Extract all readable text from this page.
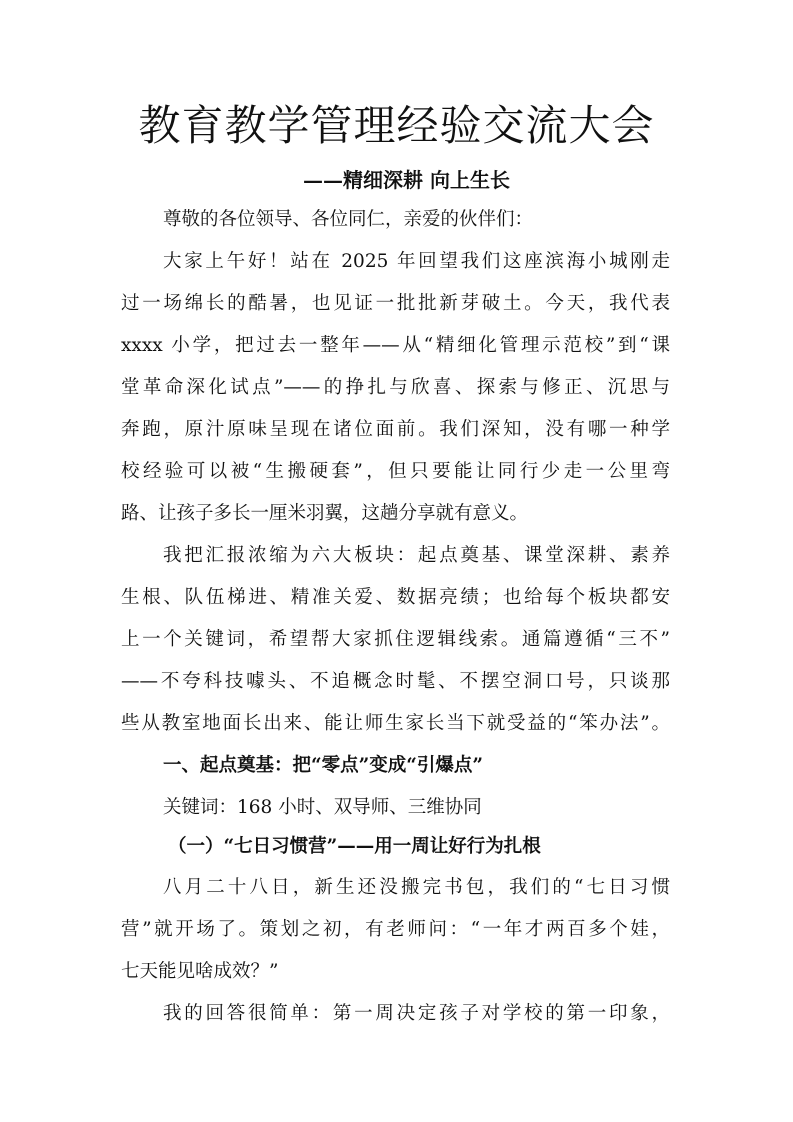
教育教学管理经验交流大会
——精细深耕 向上生长
尊敬的各位领导、各位同仁，亲爱的伙伴们：
大家上午好！站在 2025 年回望我们这座滨海小城刚走
过一场绵长的酷暑，也见证一批批新芽破土。今天，我代表
xxxx 小学，把过去一整年——从“精细化管理示范校”到“课
堂革命深化试点”——的挣扎与欣喜、探索与修正、沉思与
奔跑，原汁原味呈现在诸位面前。我们深知，没有哪一种学
校经验可以被“生搬硬套”，但只要能让同行少走一公里弯
路、让孩子多长一厘米羽翼，这趟分享就有意义。
我把汇报浓缩为六大板块：起点奠基、课堂深耕、素养
生根、队伍梯进、精准关爱、数据亮绩；也给每个板块都安
上一个关键词，希望帮大家抓住逻辑线索。通篇遵循“三不”
——不夸科技噱头、不追概念时髦、不摆空洞口号，只谈那
些从教室地面长出来、能让师生家长当下就受益的“笨办法”。
一、起点奠基：把“零点”变成“引爆点”
关键词：168 小时、双导师、三维协同
（一）“七日习惯营”——用一周让好行为扎根
八月二十八日，新生还没搬完书包，我们的“七日习惯
营”就开场了。策划之初，有老师问：“一年才两百多个娃，
七天能见啥成效？”
我的回答很简单：第一周决定孩子对学校的第一印象，
